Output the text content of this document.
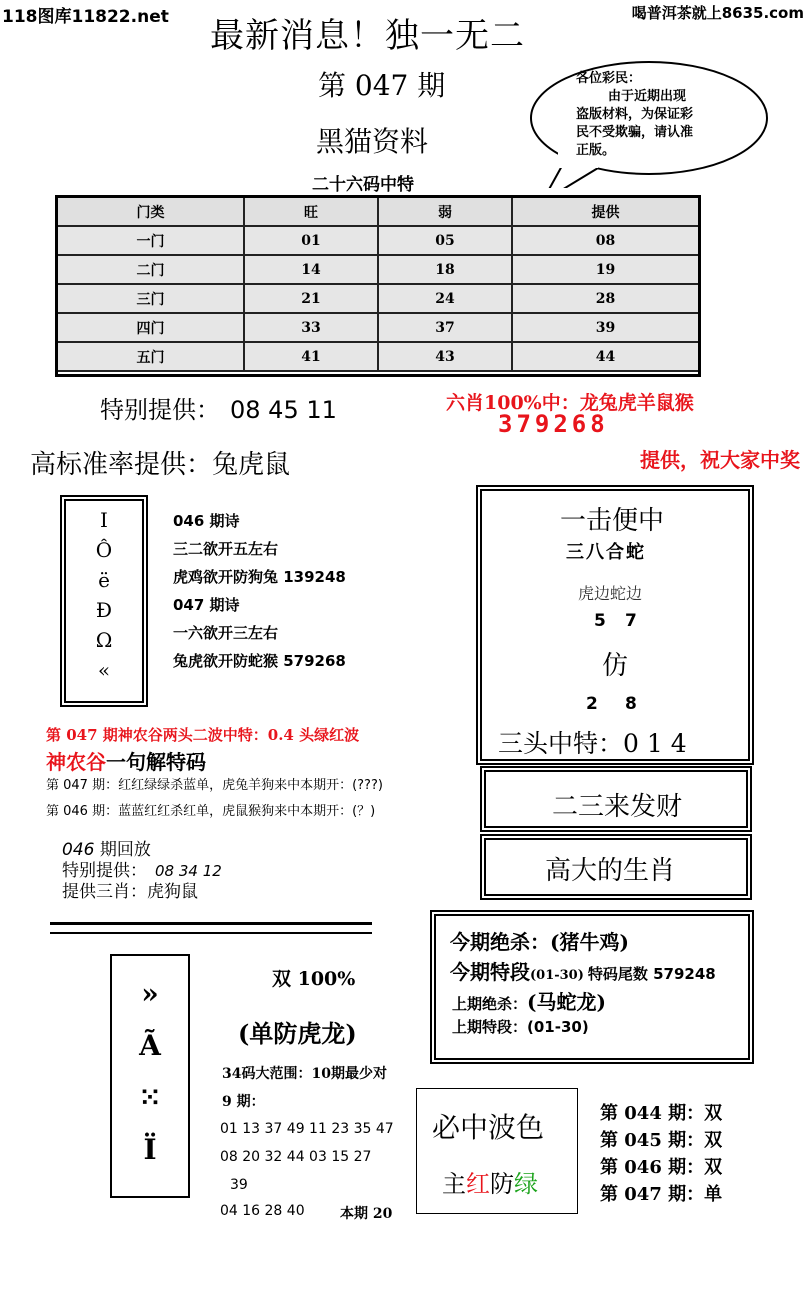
118图库11822.net	喝普洱茶就上8635.com
最新消息！独一无二
第 047 期
黑猫资料
二十六码中特
各位彩民：
由于近期出现
盗版材料，为保证彩
民不受欺骗，请认准
正版。
门类	旺	弱	提供
一门	01	05	08
二门	14	18	19
三门	21	24	28
四门	33	37	39
五门	41	43	44
特别提供： 08 45 11	六肖100%中：龙兔虎羊鼠猴
379268
高标准率提供：兔虎鼠	提供，祝大家中奖
I
Ô
ë
Đ
Ω
«
046 期诗
三二欲开五左右
虎鸡欲开防狗兔 139248
047 期诗
一六欲开三左右
兔虎欲开防蛇猴 579268
第 047 期神农谷两头二波中特：0.4 头绿红波
神农谷一句解特码
第 047 期：红红绿绿杀蓝单，虎兔羊狗来中本期开：(???)
第 046 期：蓝蓝红红杀红单，虎鼠猴狗来中本期开：(？)
046 期回放
特别提供： 08 34 12
提供三肖：虎狗鼠
一击便中
三八合蛇
虎边蛇边
5 7
仿
2 8
三头中特：0 1 4
二三来发财
高大的生肖
今期绝杀：(猪牛鸡)
今期特段(01-30) 特码尾数 579248
上期绝杀：(马蛇龙)
上期特段：(01-30)
»
Ã
⁙
Ï
双 100%
(单防虎龙)
34码大范围：10期最少对
9 期：
01 13 37 49 11 23 35 47
08 20 32 44 03 15 27
39
04 16 28 40	本期 20
必中波色
主红防绿
第 044 期：双
第 045 期：双
第 046 期：双
第 047 期：单
